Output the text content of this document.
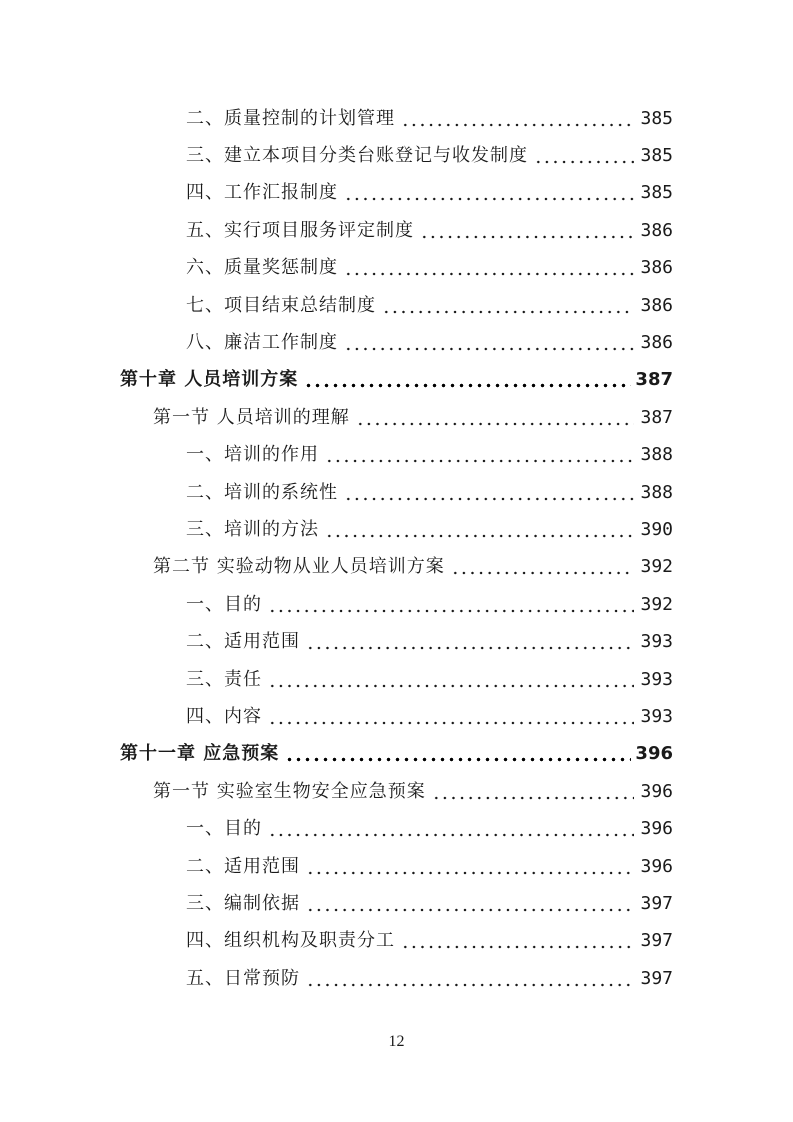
二、质量控制的计划管理	385
三、建立本项目分类台账登记与收发制度	385
四、工作汇报制度	385
五、实行项目服务评定制度	386
六、质量奖惩制度	386
七、项目结束总结制度	386
八、廉洁工作制度	386
第十章 人员培训方案	387
第一节 人员培训的理解	387
一、培训的作用	388
二、培训的系统性	388
三、培训的方法	390
第二节 实验动物从业人员培训方案	392
一、目的	392
二、适用范围	393
三、责任	393
四、内容	393
第十一章 应急预案	396
第一节 实验室生物安全应急预案	396
一、目的	396
二、适用范围	396
三、编制依据	397
四、组织机构及职责分工	397
五、日常预防	397
12
